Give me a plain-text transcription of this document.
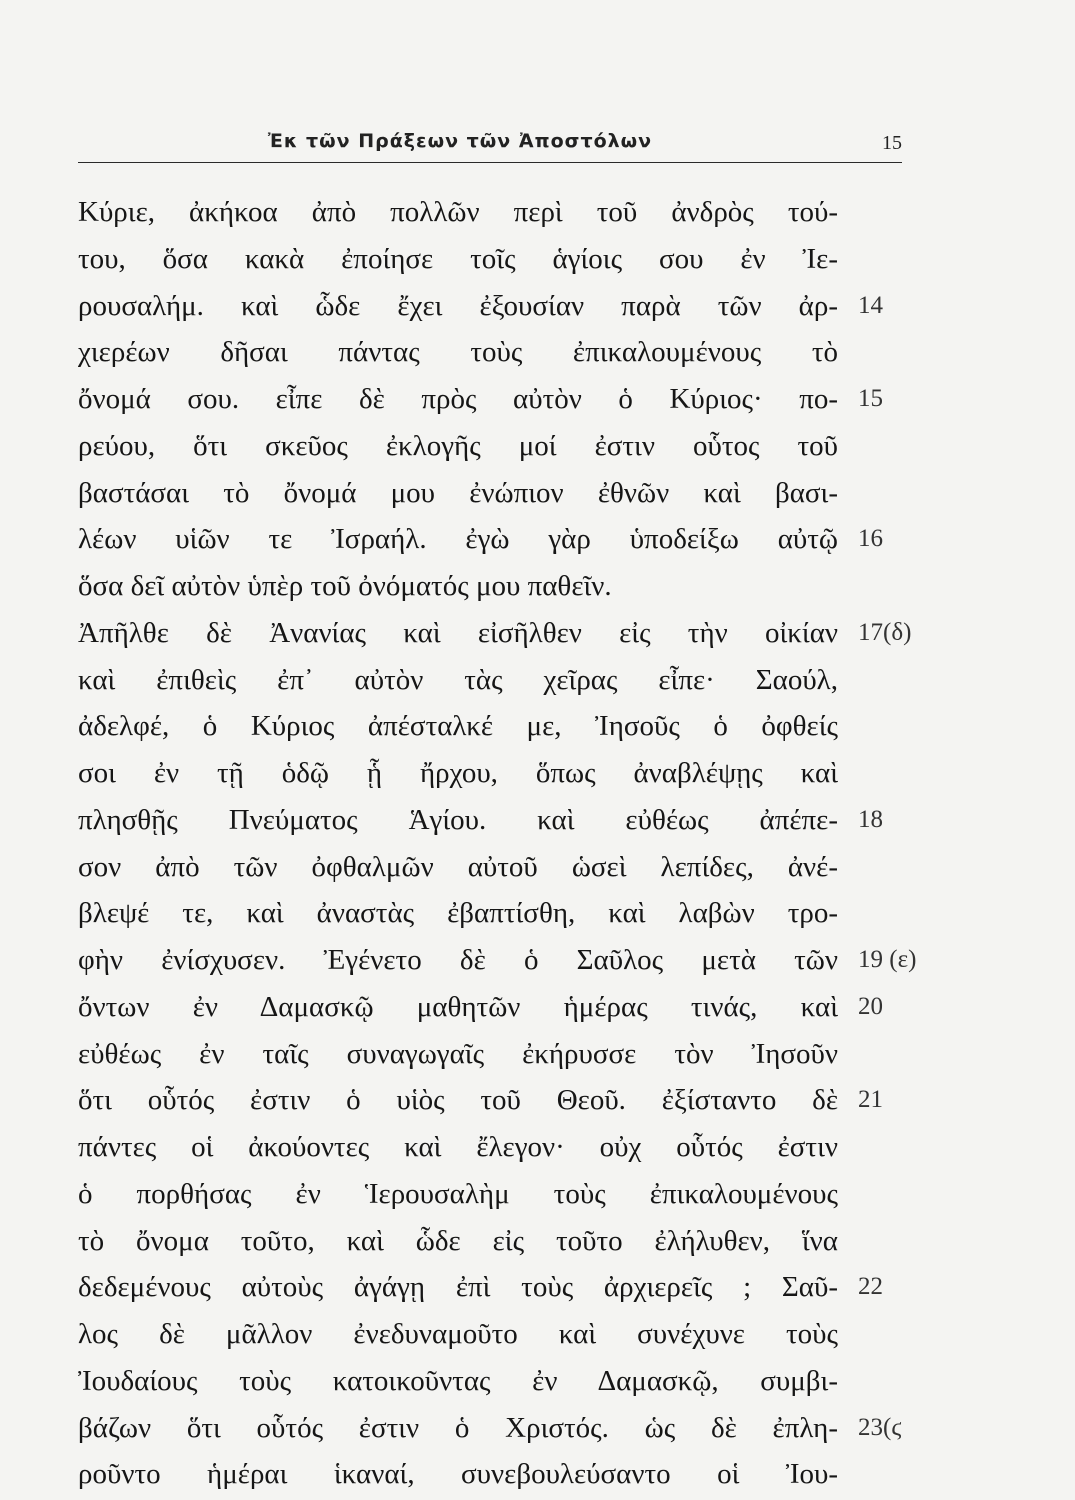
Ἐκ τῶν Πράξεων τῶν Ἀποστόλων	15
Κύριε, ἀκήκοα ἀπὸ πολλῶν περὶ τοῦ ἀνδρὸς τού-
του, ὅσα κακὰ ἐποίησε τοῖς ἁγίοις σου ἐν Ἰε-
ρουσαλήμ. καὶ ὧδε ἔχει ἐξουσίαν παρὰ τῶν ἀρ- 14
χιερέων δῆσαι πάντας τοὺς ἐπικαλουμένους τὸ
ὄνομά σου. εἶπε δὲ πρὸς αὐτὸν ὁ Κύριος· πο- 15
ρεύου, ὅτι σκεῦος ἐκλογῆς μοί ἐστιν οὗτος τοῦ
βαστάσαι τὸ ὄνομά μου ἐνώπιον ἐθνῶν καὶ βασι-
λέων υἱῶν τε Ἰσραήλ. ἐγὼ γὰρ ὑποδείξω αὐτῷ 16
ὅσα δεῖ αὐτὸν ὑπὲρ τοῦ ὀνόματός μου παθεῖν.
Ἀπῆλθε δὲ Ἀνανίας καὶ εἰσῆλθεν εἰς τὴν οἰκίαν 17(δ)
καὶ ἐπιθεὶς ἐπ᾽ αὐτὸν τὰς χεῖρας εἶπε· Σαούλ,
ἀδελφέ, ὁ Κύριος ἀπέσταλκέ με, Ἰησοῦς ὁ ὀφθείς
σοι ἐν τῇ ὁδῷ ᾗ ἤρχου, ὅπως ἀναβλέψῃς καὶ
πλησθῇς Πνεύματος Ἁγίου. καὶ εὐθέως ἀπέπε- 18
σον ἀπὸ τῶν ὀφθαλμῶν αὐτοῦ ὡσεὶ λεπίδες, ἀνέ-
βλεψέ τε, καὶ ἀναστὰς ἐβαπτίσθη, καὶ λαβὼν τρο-
φὴν ἐνίσχυσεν. Ἐγένετο δὲ ὁ Σαῦλος μετὰ τῶν 19 (ε)
ὄντων ἐν Δαμασκῷ μαθητῶν ἡμέρας τινάς, καὶ 20
εὐθέως ἐν ταῖς συναγωγαῖς ἐκήρυσσε τὸν Ἰησοῦν
ὅτι οὗτός ἐστιν ὁ υἱὸς τοῦ Θεοῦ. ἐξίσταντο δὲ 21
πάντες οἱ ἀκούοντες καὶ ἔλεγον· οὐχ οὗτός ἐστιν
ὁ πορθήσας ἐν Ἱερουσαλὴμ τοὺς ἐπικαλουμένους
τὸ ὄνομα τοῦτο, καὶ ὧδε εἰς τοῦτο ἐλήλυθεν, ἵνα
δεδεμένους αὐτοὺς ἀγάγῃ ἐπὶ τοὺς ἀρχιερεῖς ; Σαῦ- 22
λος δὲ μᾶλλον ἐνεδυναμοῦτο καὶ συνέχυνε τοὺς
Ἰουδαίους τοὺς κατοικοῦντας ἐν Δαμασκῷ, συμβι-
βάζων ὅτι οὗτός ἐστιν ὁ Χριστός. ὡς δὲ ἐπλη- 23(ϛ
ροῦντο ἡμέραι ἱκαναί, συνεβουλεύσαντο οἱ Ἰου-
